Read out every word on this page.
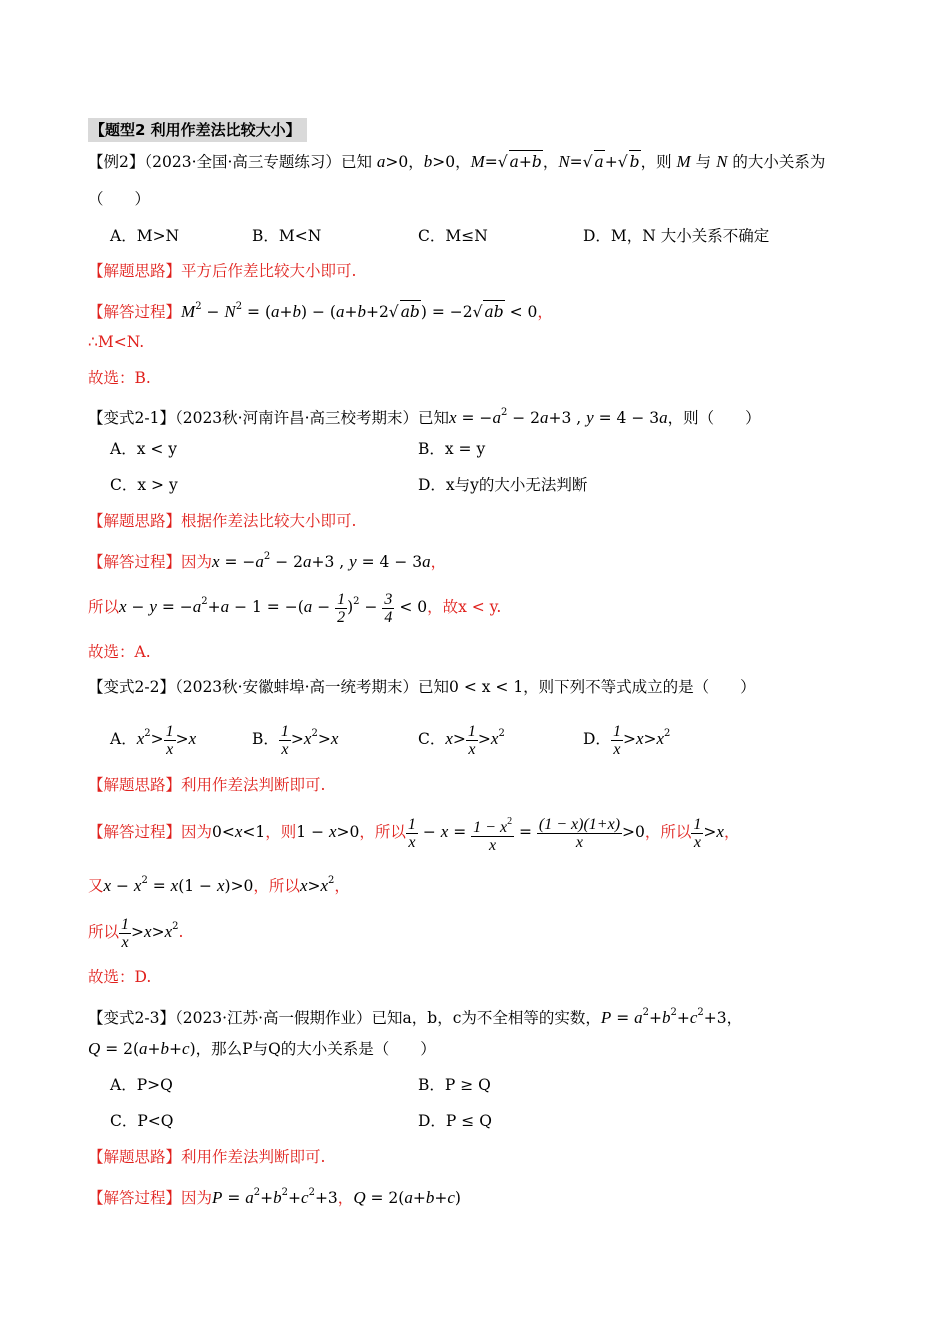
【题型2 利用作差法比较大小】
【例2】（2023·全国·高三专题练习）已知 a>0，b>0，M=√ a+b，N=√ a+√ b，则 M 与 N 的大小关系为
（　　）
A．M>N	B．M<N	C．M≤N	D．M，N 大小关系不确定
【解题思路】平方后作差比较大小即可.
【解答过程】$M^2 - N^2 = (a+b) - (a+b+2√$ ab) = −2√ ab < 0，
∴M<N.
故选：B.
【变式2-1】（2023秋·河南许昌·高三校考期末）已知$x = -a^2 - 2a+3$ , y = 4 − 3a，则（　　）
A．x < y	B．x = y
C．x > y	D．x与y的大小无法判断
【解题思路】根据作差法比较大小即可.
【解答过程】因为$x = -a^2 - 2a+3$ , y = 4 − 3a，
所以$x - y = -a^2+a - 1 = -(a - \frac{1}{2} )^2 - \frac{3}{4} < 0$，故x < y.
故选：A.
【变式2-2】（2023秋·安徽蚌埠·高一统考期末）已知0 < x < 1，则下列不等式成立的是（　　）
A．$x^2> \frac{1}{x} >x$	B． $\frac{1}{x} >x^2>x$	C．$x> \frac{1}{x} >x^2$	D． $\frac{1}{x} >x>x^2$
【解题思路】利用作差法判断即可.
【解答过程】因为0<x<1，则1 − x>0，所以 $\frac{1}{x} - x = \frac{1 - x^2}{x} = \frac{(1 - x)(1+x)}{x} >0$，所以 $\frac{1}{x} >x$，
又$x - x^2 = x(1 - x)>0$，所以$x>x^2$，
所以 $\frac{1}{x} >x>x^2$.
故选：D.
【变式2-3】（2023·江苏·高一假期作业）已知a，b，c为不全相等的实数，$P = a^2+b^2+c^2+3$，
Q = 2(a+b+c)，那么P与Q的大小关系是（　　）
A．P>Q	B．P ≥ Q
C．P<Q	D．P ≤ Q
【解题思路】利用作差法判断即可.
【解答过程】因为$P = a^2+b^2+c^2+3$，Q = 2(a+b+c)
